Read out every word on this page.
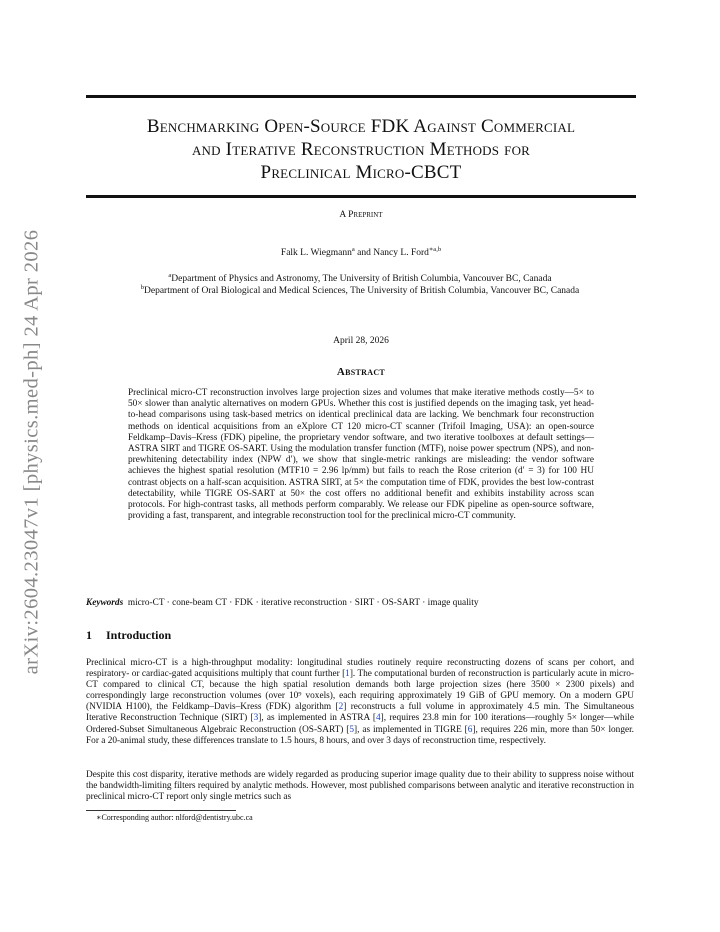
arXiv:2604.23047v1 [physics.med-ph] 24 Apr 2026
Benchmarking Open-Source FDK Against Commercial
and Iterative Reconstruction Methods for
Preclinical Micro-CBCT
A Preprint
Falk L. Wiegmann$^a$ and Nancy L. Ford$^{∗a,b}$
$^a$Department of Physics and Astronomy, The University of British Columbia, Vancouver BC, Canada
$^b$Department of Oral Biological and Medical Sciences, The University of British Columbia, Vancouver BC, Canada
April 28, 2026
Abstract
Preclinical micro-CT reconstruction involves large projection sizes and volumes that make iterative methods costly—5× to 50× slower than analytic alternatives on modern GPUs. Whether this cost is justified depends on the imaging task, yet head-to-head comparisons using task-based metrics on identical preclinical data are lacking. We benchmark four reconstruction methods on identical acquisitions from an eXplore CT 120 micro-CT scanner (Trifoil Imaging, USA): an open-source Feldkamp–Davis–Kress (FDK) pipeline, the proprietary vendor software, and two iterative toolboxes at default settings—ASTRA SIRT and TIGRE OS-SART. Using the modulation transfer function (MTF), noise power spectrum (NPS), and non-prewhitening detectability index (NPW d′), we show that single-metric rankings are misleading: the vendor software achieves the highest spatial resolution (MTF10 = 2.96 lp/mm) but fails to reach the Rose criterion (d′ = 3) for 100 HU contrast objects on a half-scan acquisition. ASTRA SIRT, at 5× the computation time of FDK, provides the best low-contrast detectability, while TIGRE OS-SART at 50× the cost offers no additional benefit and exhibits instability across scan protocols. For high-contrast tasks, all methods perform comparably. We release our FDK pipeline as open-source software, providing a fast, transparent, and integrable reconstruction tool for the preclinical micro-CT community.
Keywords micro-CT · cone-beam CT · FDK · iterative reconstruction · SIRT · OS-SART · image quality
1 Introduction
Preclinical micro-CT is a high-throughput modality: longitudinal studies routinely require reconstructing dozens of scans per cohort, and respiratory- or cardiac-gated acquisitions multiply that count further [1]. The computational burden of reconstruction is particularly acute in micro-CT compared to clinical CT, because the high spatial resolution demands both large projection sizes (here 3500 × 2300 pixels) and correspondingly large reconstruction volumes (over 10⁹ voxels), each requiring approximately 19 GiB of GPU memory. On a modern GPU (NVIDIA H100), the Feldkamp–Davis–Kress (FDK) algorithm [2] reconstructs a full volume in approximately 4.5 min. The Simultaneous Iterative Reconstruction Technique (SIRT) [3], as implemented in ASTRA [4], requires 23.8 min for 100 iterations—roughly 5× longer—while Ordered-Subset Simultaneous Algebraic Reconstruction (OS-SART) [5], as implemented in TIGRE [6], requires 226 min, more than 50× longer. For a 20-animal study, these differences translate to 1.5 hours, 8 hours, and over 3 days of reconstruction time, respectively.
Despite this cost disparity, iterative methods are widely regarded as producing superior image quality due to their ability to suppress noise without the bandwidth-limiting filters required by analytic methods. However, most published comparisons between analytic and iterative reconstruction in preclinical micro-CT report only single metrics such as
∗Corresponding author: nlford@dentistry.ubc.ca
